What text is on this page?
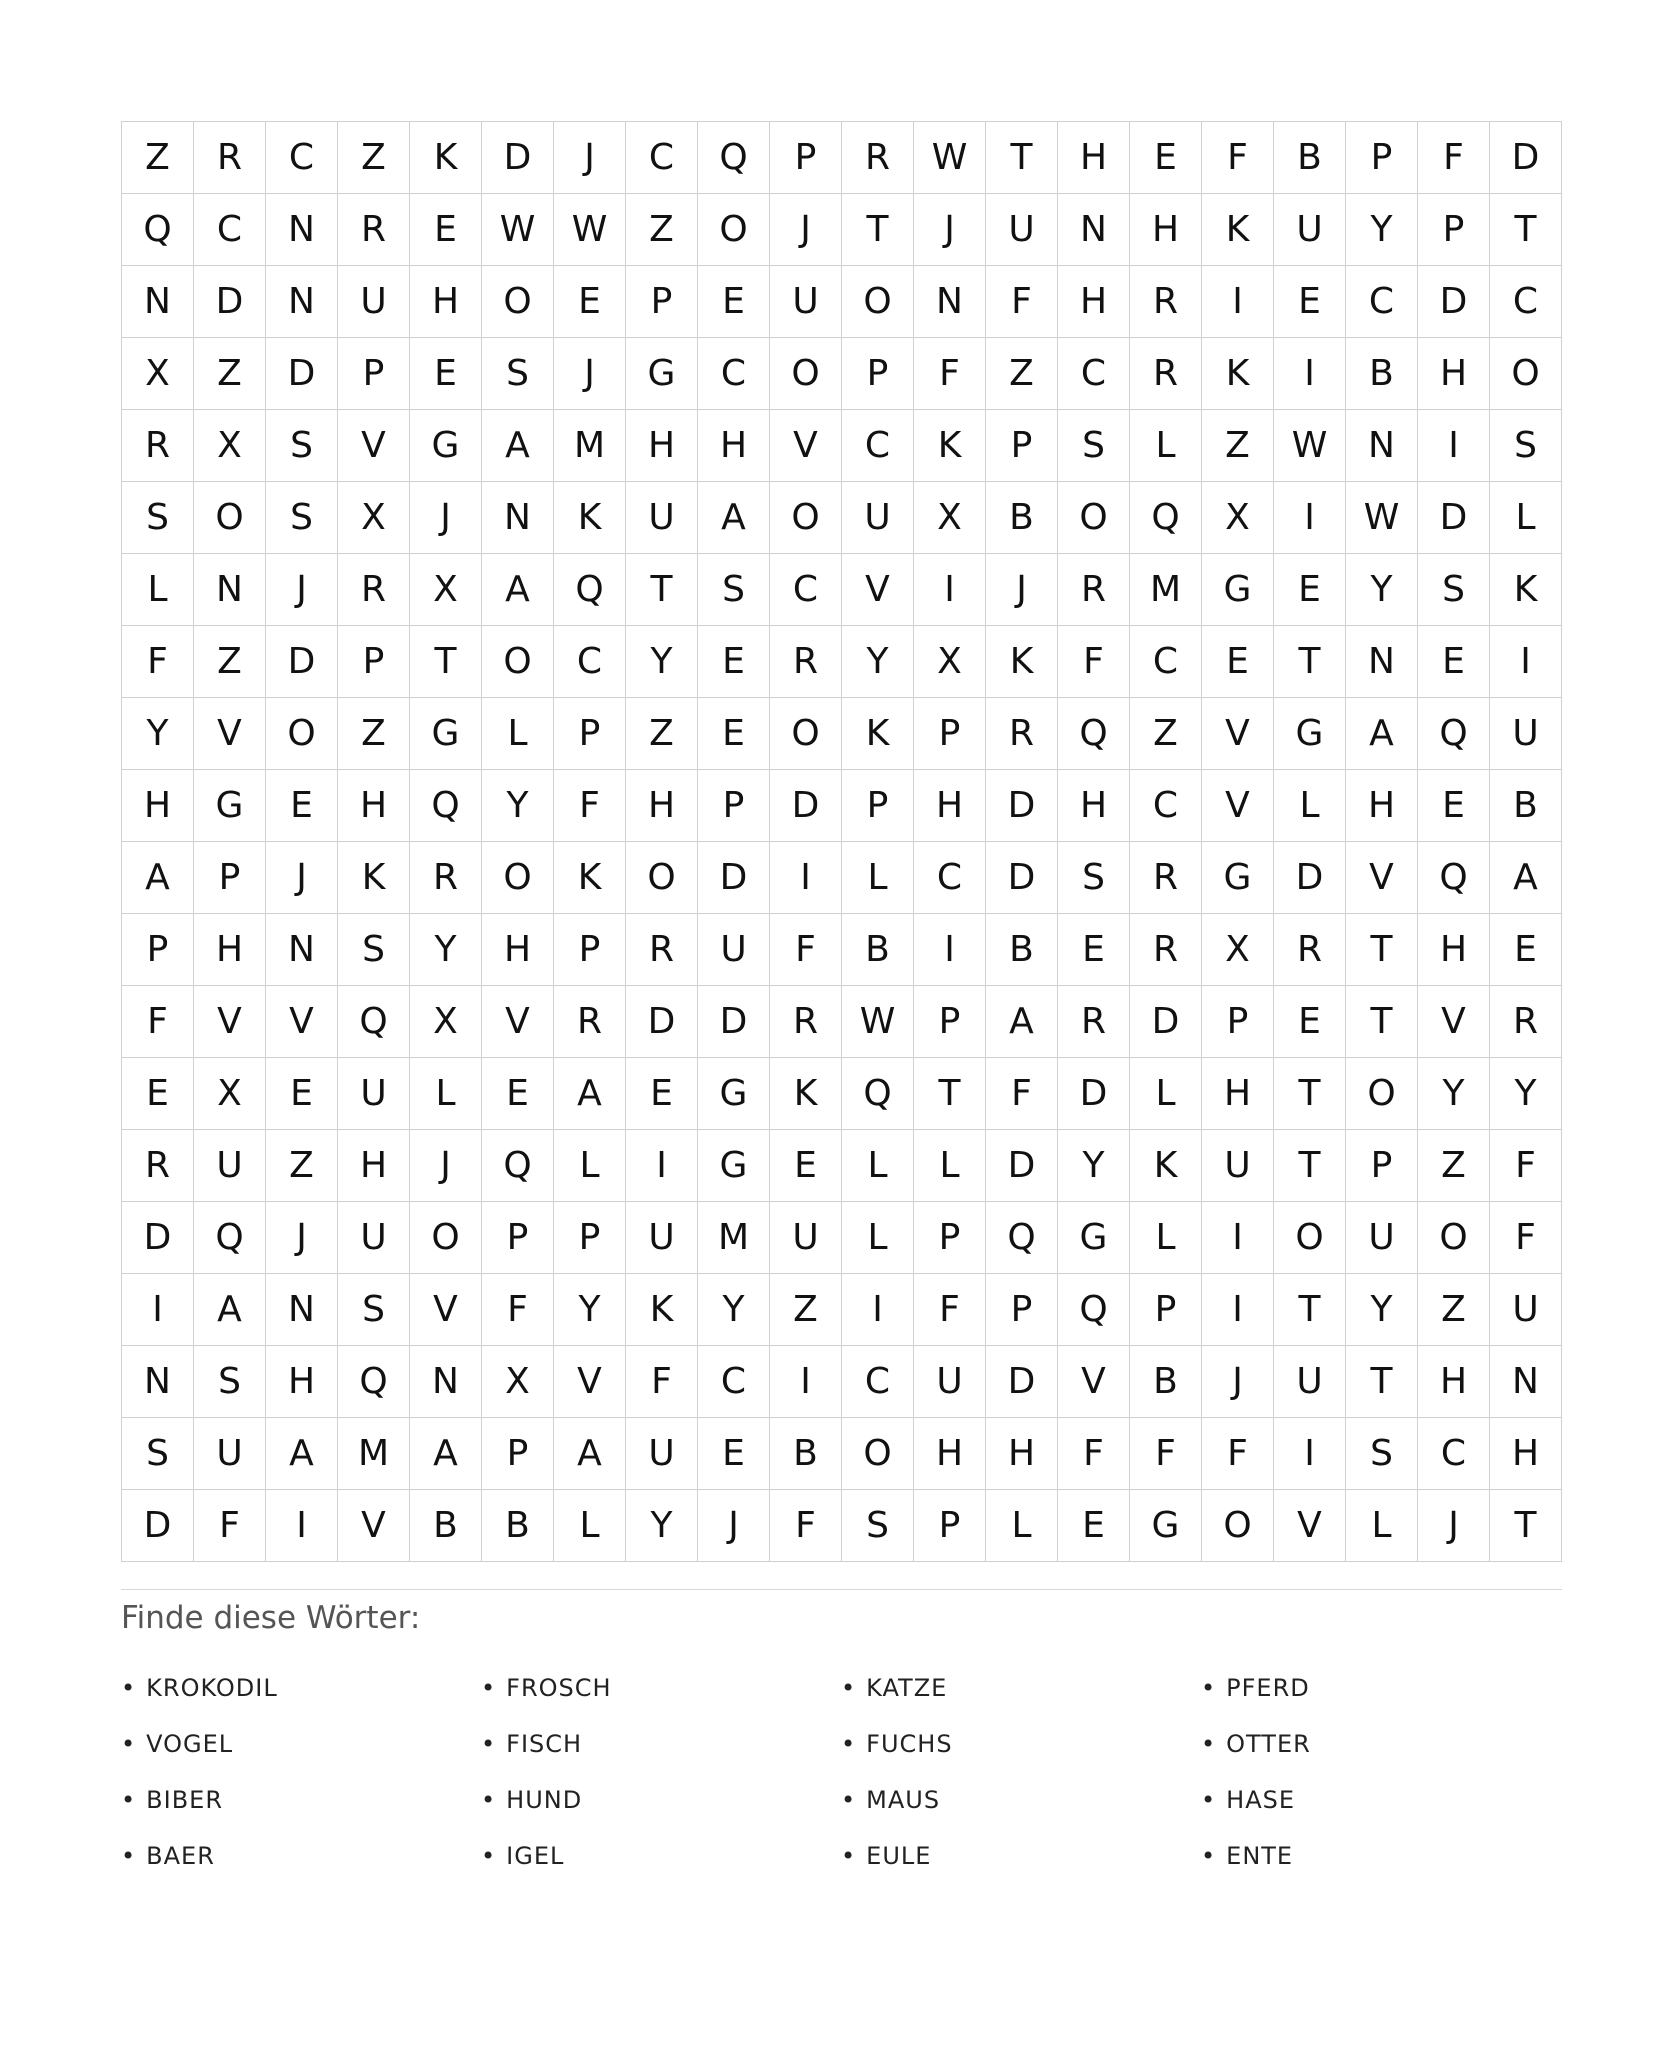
Z	R	C	Z	K	D	J	C	Q	P	R	W	T	H	E	F	B	P	F	D
Q	C	N	R	E	W	W	Z	O	J	T	J	U	N	H	K	U	Y	P	T
N	D	N	U	H	O	E	P	E	U	O	N	F	H	R	I	E	C	D	C
X	Z	D	P	E	S	J	G	C	O	P	F	Z	C	R	K	I	B	H	O
R	X	S	V	G	A	M	H	H	V	C	K	P	S	L	Z	W	N	I	S
S	O	S	X	J	N	K	U	A	O	U	X	B	O	Q	X	I	W	D	L
L	N	J	R	X	A	Q	T	S	C	V	I	J	R	M	G	E	Y	S	K
F	Z	D	P	T	O	C	Y	E	R	Y	X	K	F	C	E	T	N	E	I
Y	V	O	Z	G	L	P	Z	E	O	K	P	R	Q	Z	V	G	A	Q	U
H	G	E	H	Q	Y	F	H	P	D	P	H	D	H	C	V	L	H	E	B
A	P	J	K	R	O	K	O	D	I	L	C	D	S	R	G	D	V	Q	A
P	H	N	S	Y	H	P	R	U	F	B	I	B	E	R	X	R	T	H	E
F	V	V	Q	X	V	R	D	D	R	W	P	A	R	D	P	E	T	V	R
E	X	E	U	L	E	A	E	G	K	Q	T	F	D	L	H	T	O	Y	Y
R	U	Z	H	J	Q	L	I	G	E	L	L	D	Y	K	U	T	P	Z	F
D	Q	J	U	O	P	P	U	M	U	L	P	Q	G	L	I	O	U	O	F
I	A	N	S	V	F	Y	K	Y	Z	I	F	P	Q	P	I	T	Y	Z	U
N	S	H	Q	N	X	V	F	C	I	C	U	D	V	B	J	U	T	H	N
S	U	A	M	A	P	A	U	E	B	O	H	H	F	F	F	I	S	C	H
D	F	I	V	B	B	L	Y	J	F	S	P	L	E	G	O	V	L	J	T
Finde diese Wörter:
• KROKODIL	• FROSCH	• KATZE	• PFERD
• VOGEL	• FISCH	• FUCHS	• OTTER
• BIBER	• HUND	• MAUS	• HASE
• BAER	• IGEL	• EULE	• ENTE
